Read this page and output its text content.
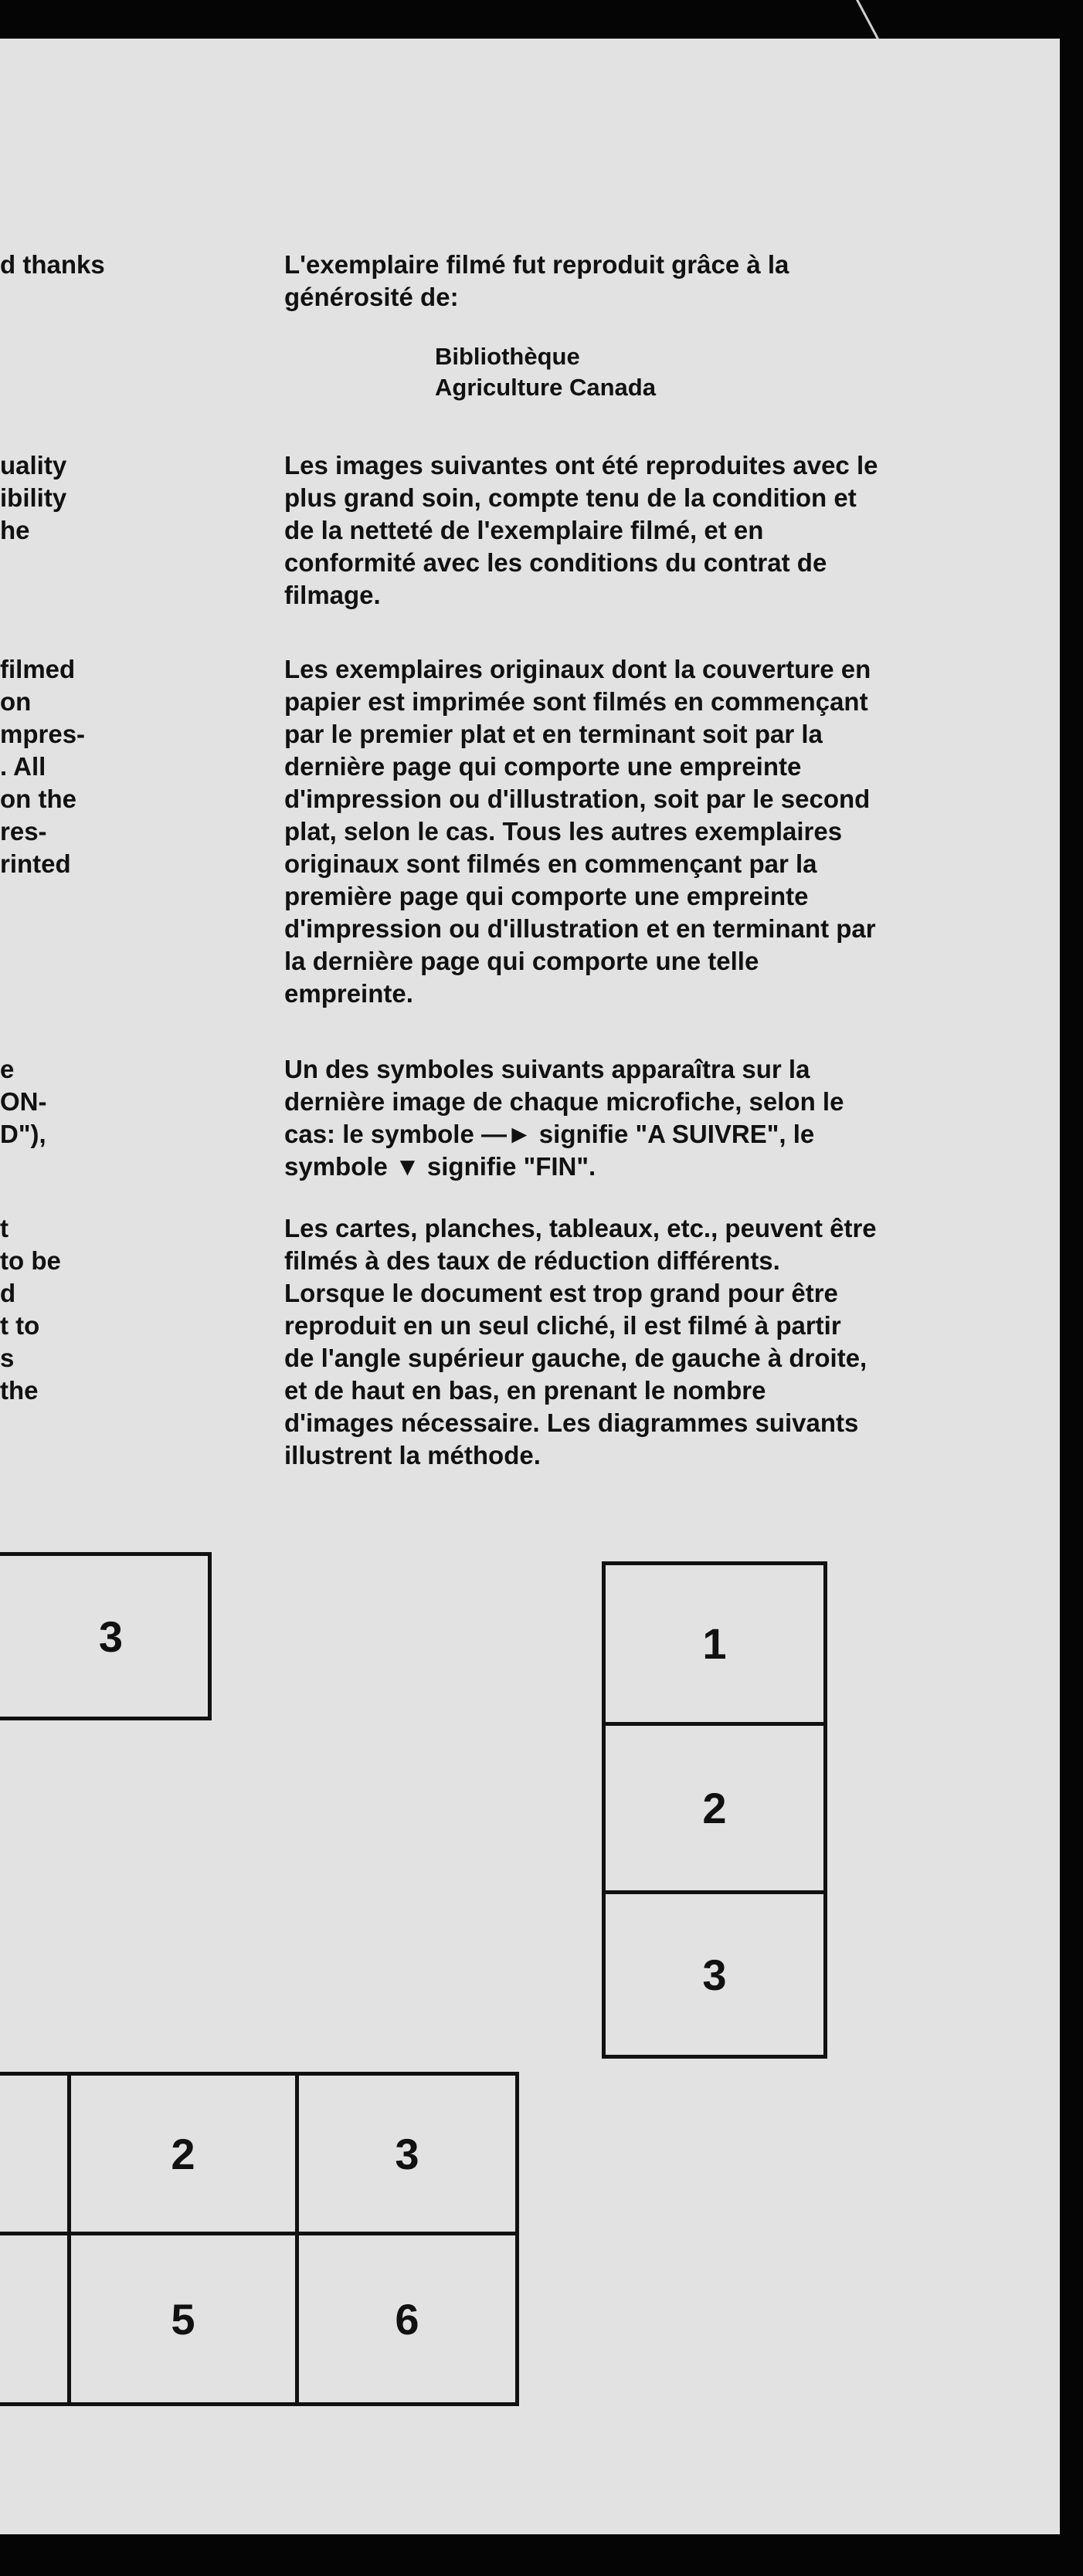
d thanks
uality
ibility
he
filmed
on
mpres-
. All
on the
res-
rinted
e
ON-
D"),
t
to be
d
t to
s
the
L'exemplaire filmé fut reproduit grâce à la
générosité de:
Bibliothèque
Agriculture Canada
Les images suivantes ont été reproduites avec le
plus grand soin, compte tenu de la condition et
de la netteté de l'exemplaire filmé, et en
conformité avec les conditions du contrat de
filmage.
Les exemplaires originaux dont la couverture en
papier est imprimée sont filmés en commençant
par le premier plat et en terminant soit par la
dernière page qui comporte une empreinte
d'impression ou d'illustration, soit par le second
plat, selon le cas. Tous les autres exemplaires
originaux sont filmés en commençant par la
première page qui comporte une empreinte
d'impression ou d'illustration et en terminant par
la dernière page qui comporte une telle
empreinte.
Un des symboles suivants apparaîtra sur la
dernière image de chaque microfiche, selon le
cas: le symbole —► signifie "A SUIVRE", le
symbole ▼ signifie "FIN".
Les cartes, planches, tableaux, etc., peuvent être
filmés à des taux de réduction différents.
Lorsque le document est trop grand pour être
reproduit en un seul cliché, il est filmé à partir
de l'angle supérieur gauche, de gauche à droite,
et de haut en bas, en prenant le nombre
d'images nécessaire. Les diagrammes suivants
illustrent la méthode.
3	1
2
3
2	3
5	6
